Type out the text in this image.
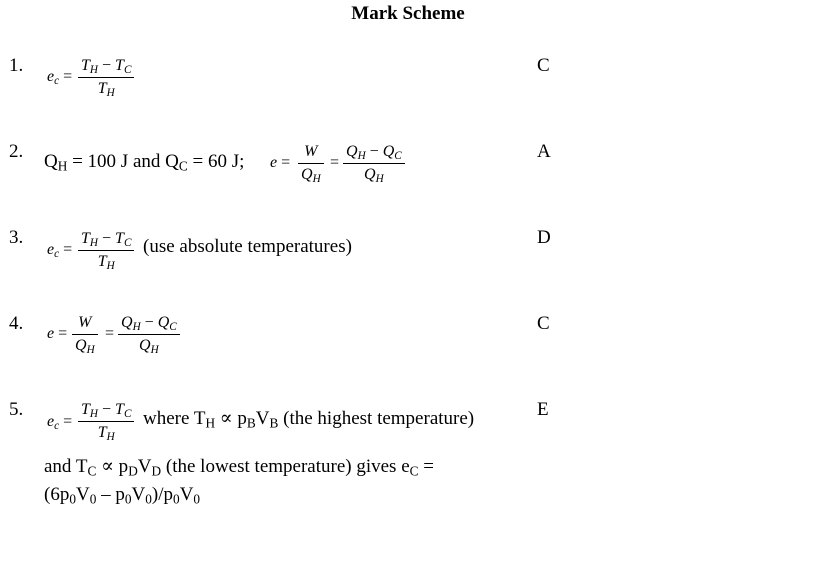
Mark Scheme
1.
$e_c$ =
$T_H - T_C$
$T_H$
C
2. $Q_H = 100$ J and $Q_C = 60$ J; e =
W
$Q_H$
=
$Q_H - Q_C$
$Q_H$
A
3.
$e_c$ =
$T_H - T_C$
$T_H$
(use absolute temperatures)	D
4. e =
W
$Q_H$
=
$Q_H - Q_C$
$Q_H$
C
5.
$e_c$ =
$T_H - T_C$
$T_H$
where $T_H \propto p_BV_B$ (the highest temperature)
and $T_C \propto p_DV_D$ (the lowest temperature) gives $e_C$ =
$(6p_0V_0 - p_0V_0)/p_0V_0$
E
